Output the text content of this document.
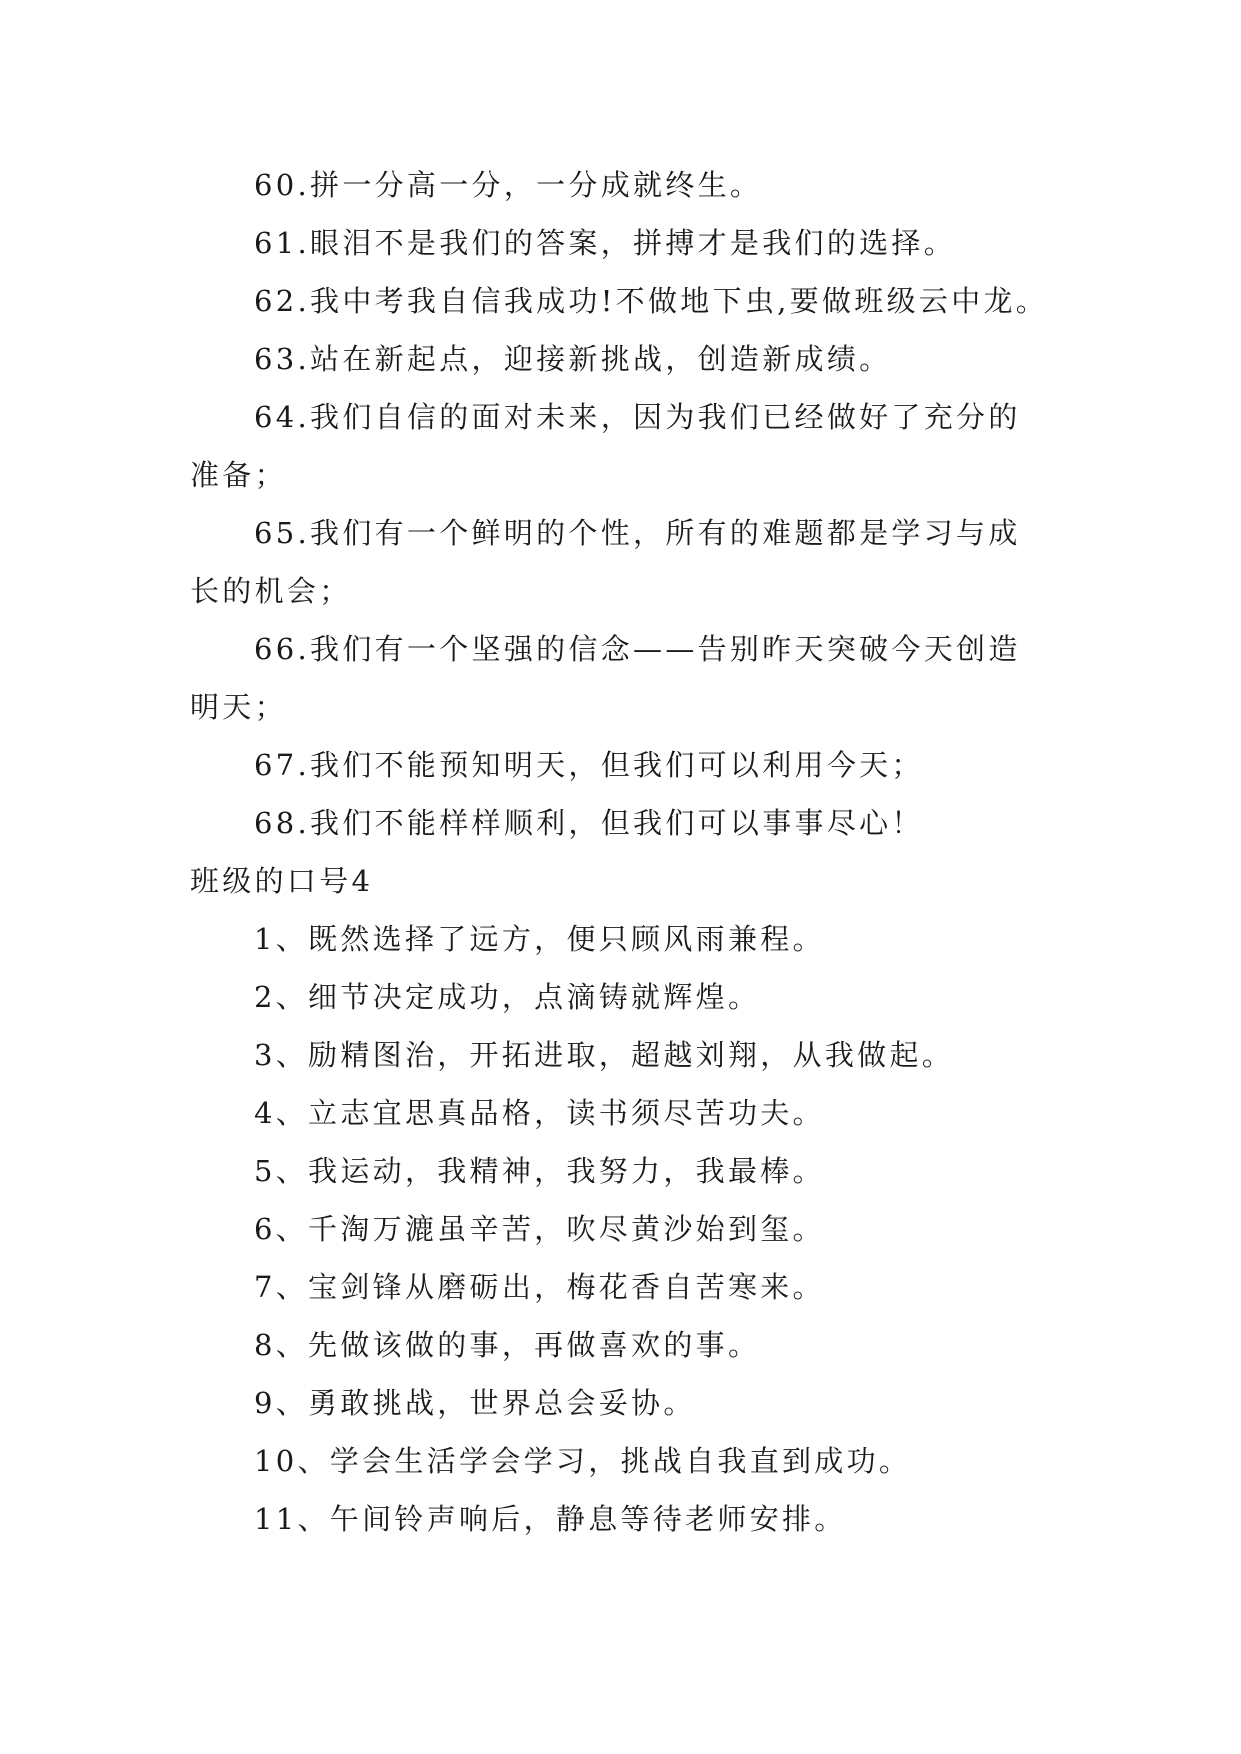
60.拼一分高一分，一分成就终生。

61.眼泪不是我们的答案，拼搏才是我们的选择。

62.我中考我自信我成功!不做地下虫,要做班级云中龙。

63.站在新起点，迎接新挑战，创造新成绩。

64.我们自信的面对未来，因为我们已经做好了充分的准备；

65.我们有一个鲜明的个性，所有的难题都是学习与成长的机会；

66.我们有一个坚强的信念——告别昨天突破今天创造明天；

67.我们不能预知明天，但我们可以利用今天；

68.我们不能样样顺利，但我们可以事事尽心！

班级的口号4

1、既然选择了远方，便只顾风雨兼程。

2、细节决定成功，点滴铸就辉煌。

3、励精图治，开拓进取，超越刘翔，从我做起。

4、立志宜思真品格，读书须尽苦功夫。

5、我运动，我精神，我努力，我最棒。

6、千淘万漉虽辛苦，吹尽黄沙始到玺。

7、宝剑锋从磨砺出，梅花香自苦寒来。

8、先做该做的事，再做喜欢的事。

9、勇敢挑战，世界总会妥协。

10、学会生活学会学习，挑战自我直到成功。

11、午间铃声响后，静息等待老师安排。
